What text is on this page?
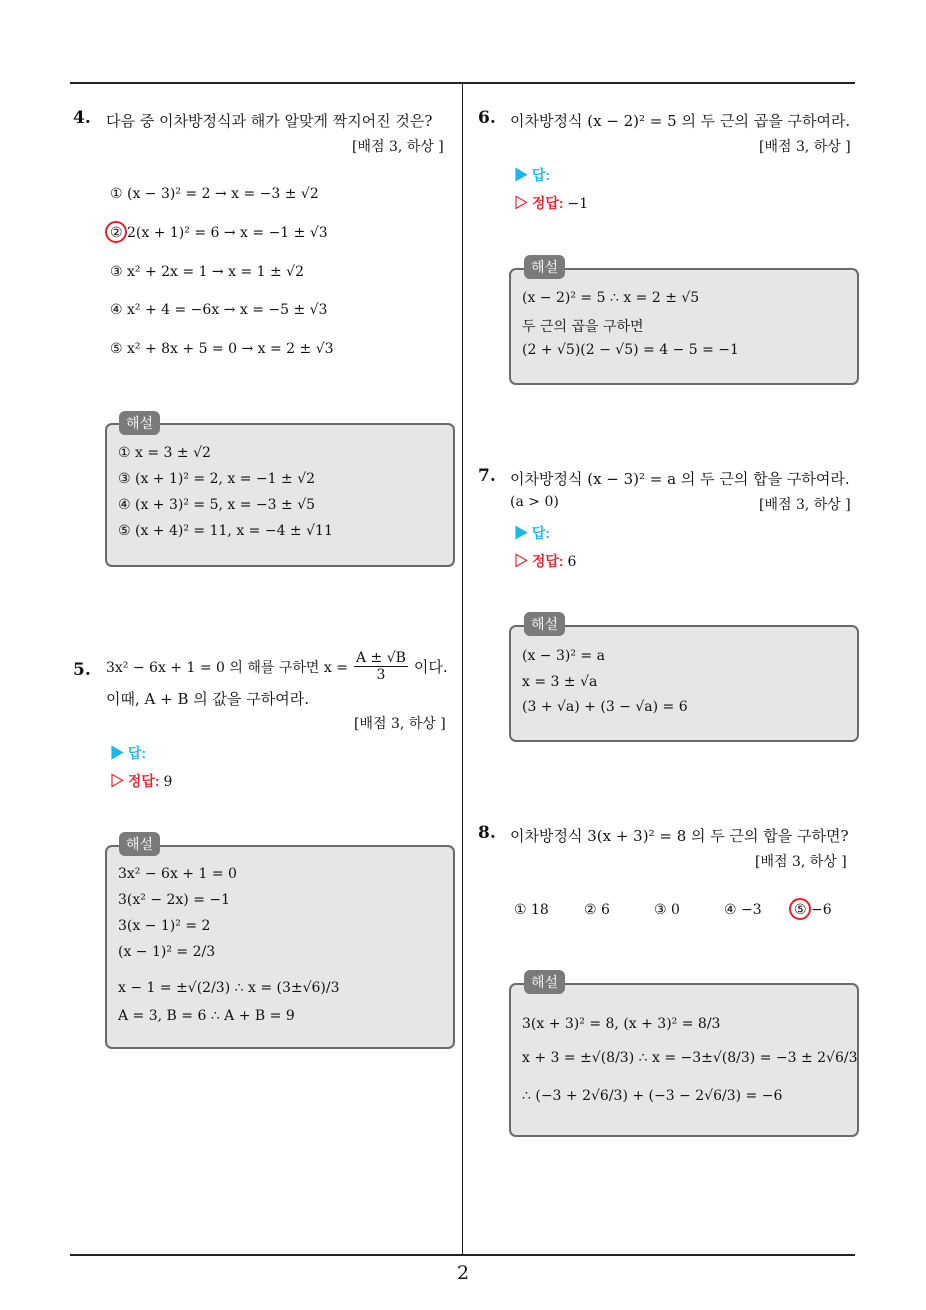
4. 다음 중 이차방정식과 해가 알맞게 짝지어진 것은?
[배점 3, 하상 ]
① (x − 3)² = 2 → x = −3 ± √2
② 2(x + 1)² = 6 → x = −1 ± √3
③ x² + 2x = 1 → x = 1 ± √2
④ x² + 4 = −6x → x = −5 ± √3
⑤ x² + 8x + 5 = 0 → x = 2 ± √3
해설
① x = 3 ± √2
③ (x + 1)² = 2, x = −1 ± √2
④ (x + 3)² = 5, x = −3 ± √5
⑤ (x + 4)² = 11, x = −4 ± √11
5. 3x² − 6x + 1 = 0 의 해를 구하면 $x = \frac{A \pm √B}{3}$ 이다.
이때, A + B 의 값을 구하여라.
[배점 3, 하상 ]
▶ 답:
▷ 정답: 9
해설
3x² − 6x + 1 = 0
3(x² − 2x) = −1
3(x − 1)² = 2
(x − 1)² = 2/3
x − 1 = ±√(2/3) ∴ x = (3±√6)/3
A = 3, B = 6 ∴ A + B = 9
6. 이차방정식 (x − 2)² = 5 의 두 근의 곱을 구하여라.
[배점 3, 하상 ]
▶ 답:
▷ 정답: −1
해설
(x − 2)² = 5 ∴ x = 2 ± √5
두 근의 곱을 구하면
(2 + √5)(2 − √5) = 4 − 5 = −1
7. 이차방정식 (x − 3)² = a 의 두 근의 합을 구하여라.
(a > 0)	[배점 3, 하상 ]
▶ 답:
▷ 정답: 6
해설
(x − 3)² = a
x = 3 ± √a
(3 + √a) + (3 − √a) = 6
8. 이차방정식 3(x + 3)² = 8 의 두 근의 합을 구하면?
[배점 3, 하상 ]
① 18	② 6	③ 0	④ −3 ⑤ −6
해설
3(x + 3)² = 8, (x + 3)² = 8/3
x + 3 = ±√(8/3) ∴ x = −3±√(8/3) = −3 ± 2√6/3
∴ (−3 + 2√6/3) + (−3 − 2√6/3) = −6
2
